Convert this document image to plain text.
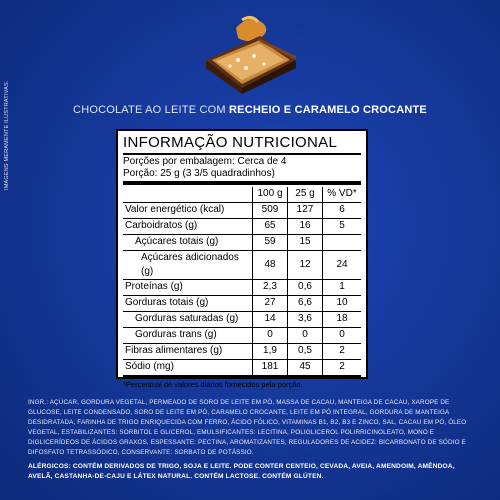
IMAGENS MERAMENTE ILUSTRATIVAS.	CHOCOLATE AO LEITE COM RECHEIO E CARAMELO CROCANTE
INFORMAÇÃO NUTRICIONAL
Porções por embalagem: Cerca de 4
Porção: 25 g (3 3/5 quadradinhos)
	100 g	25 g	% VD*
Valor energético (kcal)	509	127	6
Carboidratos (g)	65	16	5
Açúcares totais (g)	59	15	
Açúcares adicionados (g)	48	12	24
Proteínas (g)	2,3	0,6	1
Gorduras totais (g)	27	6,6	10
Gorduras saturadas (g)	14	3,6	18
Gorduras trans (g)	0	0	0
Fibras alimentares (g)	1,9	0,5	2
Sódio (mg)	181	45	2
*Percentual de valores diários fornecidos pela porção.
INGR.: AÇÚCAR, GORDURA VEGETAL, PERMEADO DE SORO DE LEITE EM PÓ, MASSA DE CACAU, MANTEIGA DE CACAU, XAROPE DE GLUCOSE, LEITE CONDENSADO, SORO DE LEITE EM PÓ, CARAMELO CROCANTE, LEITE EM PÓ INTEGRAL, GORDURA DE MANTEIGA DESIDRATADA, FARINHA DE TRIGO ENRIQUECIDA COM FERRO, ÁCIDO FÓLICO, VITAMINAS B1, B2, B3 E ZINCO, SAL, CACAU EM PÓ, ÓLEO VEGETAL, ESTABILIZANTES: SORBITOL E GLICEROL, EMULSIFICANTES: LECITINA, POLIGLICEROL POLIRRICINOLEATO, MONO E DIGLICERÍDEOS DE ÁCIDOS GRAXOS, ESPESSANTE: PECTINA, AROMATIZANTES, REGULADORES DE ACIDEZ: BICARBONATO DE SÓDIO E DIFOSFATO TETRASSÓDICO, CONSERVANTE: SORBATO DE POTÁSSIO.
ALÉRGICOS: CONTÉM DERIVADOS DE TRIGO, SOJA E LEITE. PODE CONTER CENTEIO, CEVADA, AVEIA, AMENDOIM, AMÊNDOA, AVELÃ, CASTANHA-DE-CAJU E LÁTEX NATURAL. CONTÉM LACTOSE. CONTÉM GLÚTEN.
